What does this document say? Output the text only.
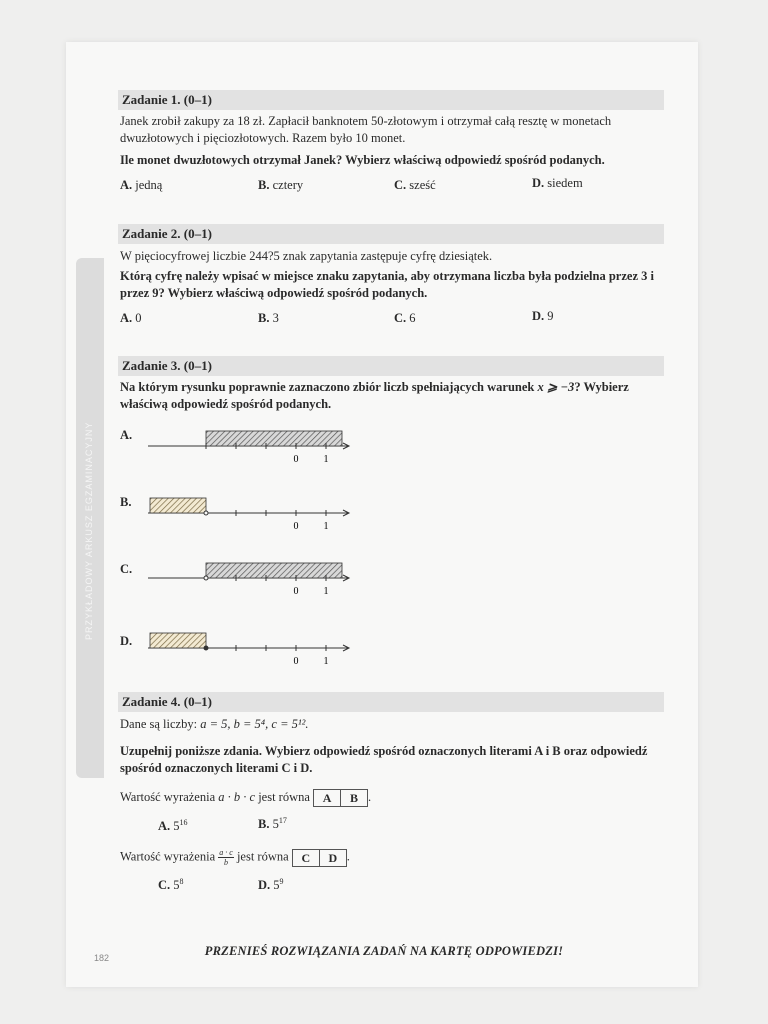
PRZYKŁADOWY ARKUSZ EGZAMINACYJNY
Zadanie 1. (0–1)
Janek zrobił zakupy za 18 zł. Zapłacił banknotem 50-złotowym i otrzymał całą resztę w monetach dwuzłotowych i pięciozłotowych. Razem było 10 monet.
Ile monet dwuzłotowych otrzymał Janek? Wybierz właściwą odpowiedź spośród podanych.
A. jedną	B. cztery	C. sześć	D. siedem
Zadanie 2. (0–1)
W pięciocyfrowej liczbie 244?5 znak zapytania zastępuje cyfrę dziesiątek.
Którą cyfrę należy wpisać w miejsce znaku zapytania, aby otrzymana liczba była podzielna przez 3 i przez 9? Wybierz właściwą odpowiedź spośród podanych.
A. 0	B. 3	C. 6	D. 9
Zadanie 3. (0–1)
Na którym rysunku poprawnie zaznaczono zbiór liczb spełniających warunek x ⩾ −3? Wybierz właściwą odpowiedź spośród podanych.
A.
0	1
B.
0	1
C.
0	1
D.
0	1
Zadanie 4. (0–1)
Dane są liczby: a = 5, b = 5⁴, c = 5¹².
Uzupełnij poniższe zdania. Wybierz odpowiedź spośród oznaczonych literami A i B oraz odpowiedź spośród oznaczonych literami C i D.
Wartość wyrażenia a · b · c jest równa A B .
A. $5^{16}$	B. $5^{17}$
Wartość wyrażenia $\frac{a \cdot c}{b}$ jest równa C D .
C. $5^8$	D. $5^9$
PRZENIEŚ ROZWIĄZANIA ZADAŃ NA KARTĘ ODPOWIEDZI!
182
